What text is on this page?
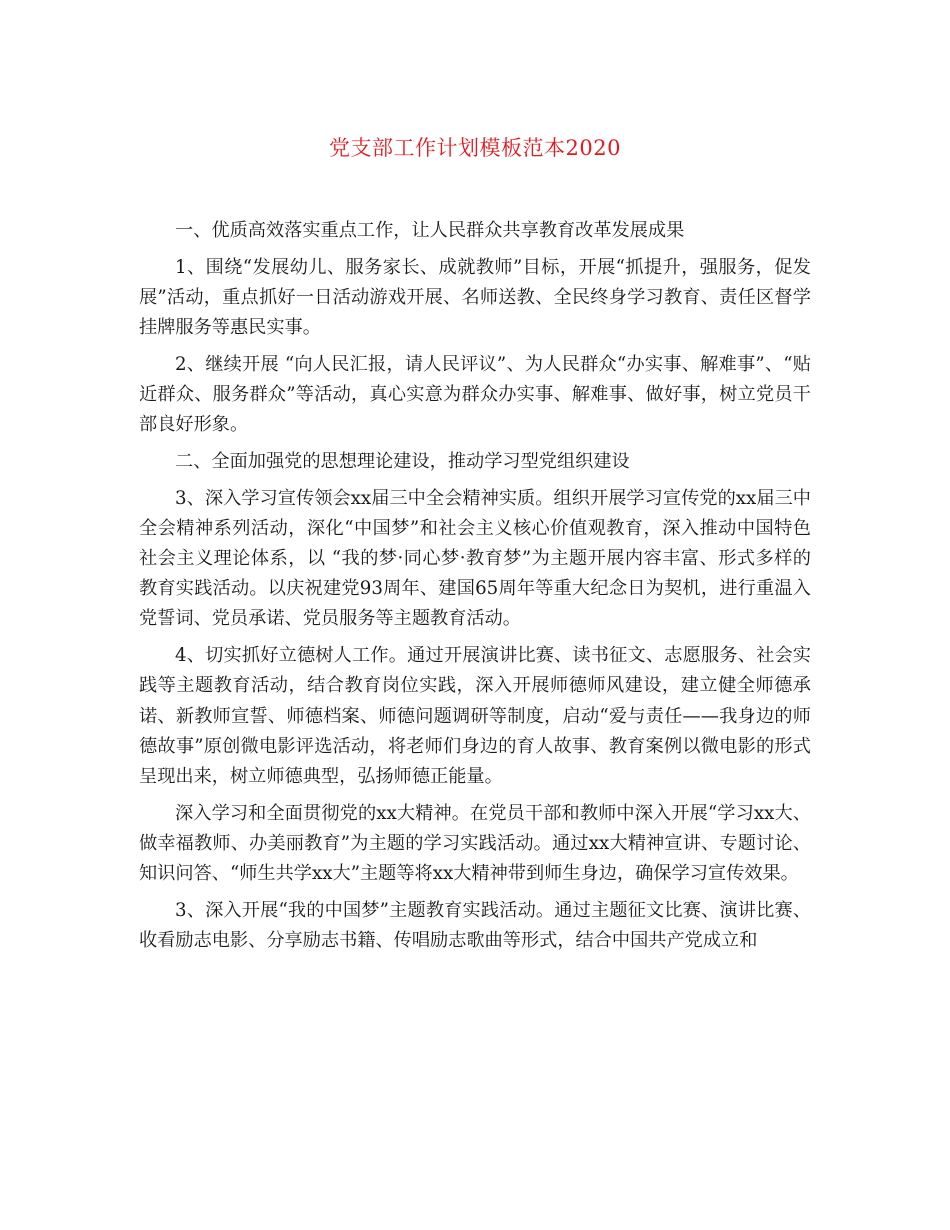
党支部工作计划模板范本2020

一、优质高效落实重点工作，让人民群众共享教育改革发展成果

1、围绕“发展幼儿、服务家长、成就教师”目标，开展“抓提升，强服务，促发展”活动，重点抓好一日活动游戏开展、名师送教、全民终身学习教育、责任区督学挂牌服务等惠民实事。

2、继续开展 “向人民汇报，请人民评议”、为人民群众“办实事、解难事”、“贴近群众、服务群众”等活动，真心实意为群众办实事、解难事、做好事，树立党员干部良好形象。

二、全面加强党的思想理论建设，推动学习型党组织建设

3、深入学习宣传领会xx届三中全会精神实质。组织开展学习宣传党的xx届三中全会精神系列活动，深化“中国梦”和社会主义核心价值观教育，深入推动中国特色社会主义理论体系，以 “我的梦·同心梦·教育梦”为主题开展内容丰富、形式多样的教育实践活动。以庆祝建党93周年、建国65周年等重大纪念日为契机，进行重温入党誓词、党员承诺、党员服务等主题教育活动。

4、切实抓好立德树人工作。通过开展演讲比赛、读书征文、志愿服务、社会实践等主题教育活动，结合教育岗位实践，深入开展师德师风建设，建立健全师德承诺、新教师宣誓、师德档案、师德问题调研等制度，启动“爱与责任——我身边的师德故事”原创微电影评选活动，将老师们身边的育人故事、教育案例以微电影的形式呈现出来，树立师德典型，弘扬师德正能量。

深入学习和全面贯彻党的xx大精神。在党员干部和教师中深入开展“学习xx大、做幸福教师、办美丽教育”为主题的学习实践活动。通过xx大精神宣讲、专题讨论、知识问答、“师生共学xx大”主题等将xx大精神带到师生身边，确保学习宣传效果。

3、深入开展“我的中国梦”主题教育实践活动。通过主题征文比赛、演讲比赛、收看励志电影、分享励志书籍、传唱励志歌曲等形式，结合中国共产党成立和
